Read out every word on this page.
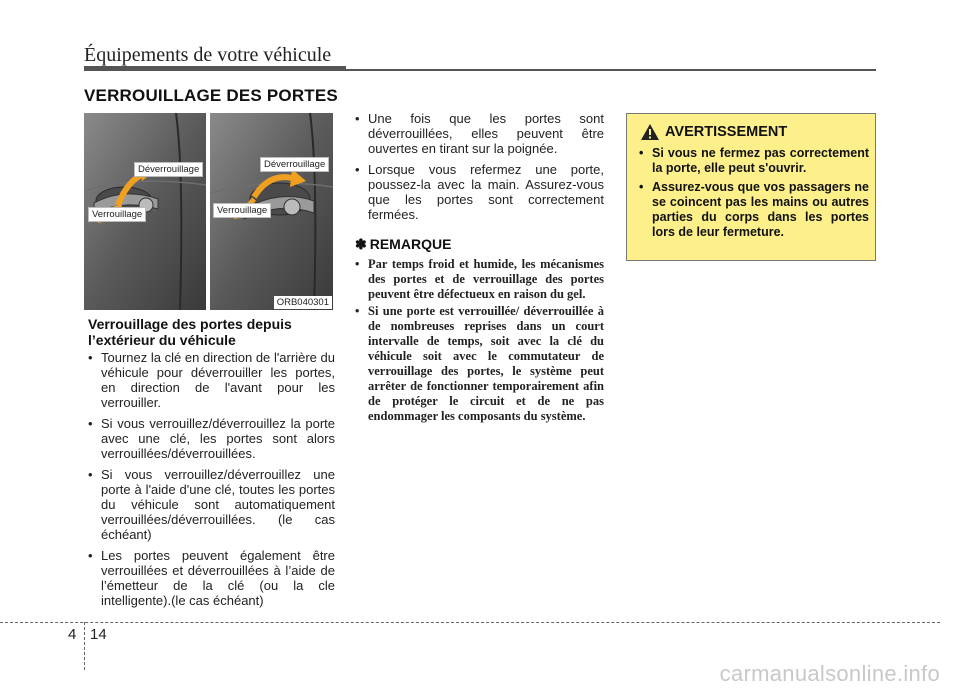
Équipements de votre véhicule
VERROUILLAGE DES PORTES
Déverrouillage
Verrouillage
Déverrouillage
Verrouillage
ORB040301
Verrouillage des portes depuis l’extérieur du véhicule
• Tournez la clé en direction de l'arrière du véhicule pour déverrouiller les portes, en direction de l'avant pour les verrouiller.
• Si vous verrouillez/déverrouillez la porte avec une clé, les portes sont alors verrouillées/déverrouillées.
• Si vous verrouillez/déverrouillez une porte à l'aide d'une clé, toutes les portes du véhicule sont automatiquement verrouillées/déverrouillées. (le cas échéant)
• Les portes peuvent également être verrouillées et déverrouillées à l’aide de l’émetteur de la clé (ou la cle intelligente).(le cas échéant)
• Une fois que les portes sont déverrouillées, elles peuvent être ouvertes en tirant sur la poignée.
• Lorsque vous refermez une porte, poussez-la avec la main. Assurez-vous que les portes sont correctement fermées.
✽ REMARQUE
• Par temps froid et humide, les mécanismes des portes et de verrouillage des portes peuvent être défectueux en raison du gel.
• Si une porte est verrouillée/ déverrouillée à de nombreuses reprises dans un court intervalle de temps, soit avec la clé du véhicule soit avec le commutateur de verrouillage des portes, le système peut arrêter de fonctionner temporairement afin de protéger le circuit et de ne pas endommager les composants du système.
AVERTISSEMENT
• Si vous ne fermez pas correctement la porte, elle peut s'ouvrir.
• Assurez-vous que vos passagers ne se coincent pas les mains ou autres parties du corps dans les portes lors de leur fermeture.
4 14
carmanualsonline.info
